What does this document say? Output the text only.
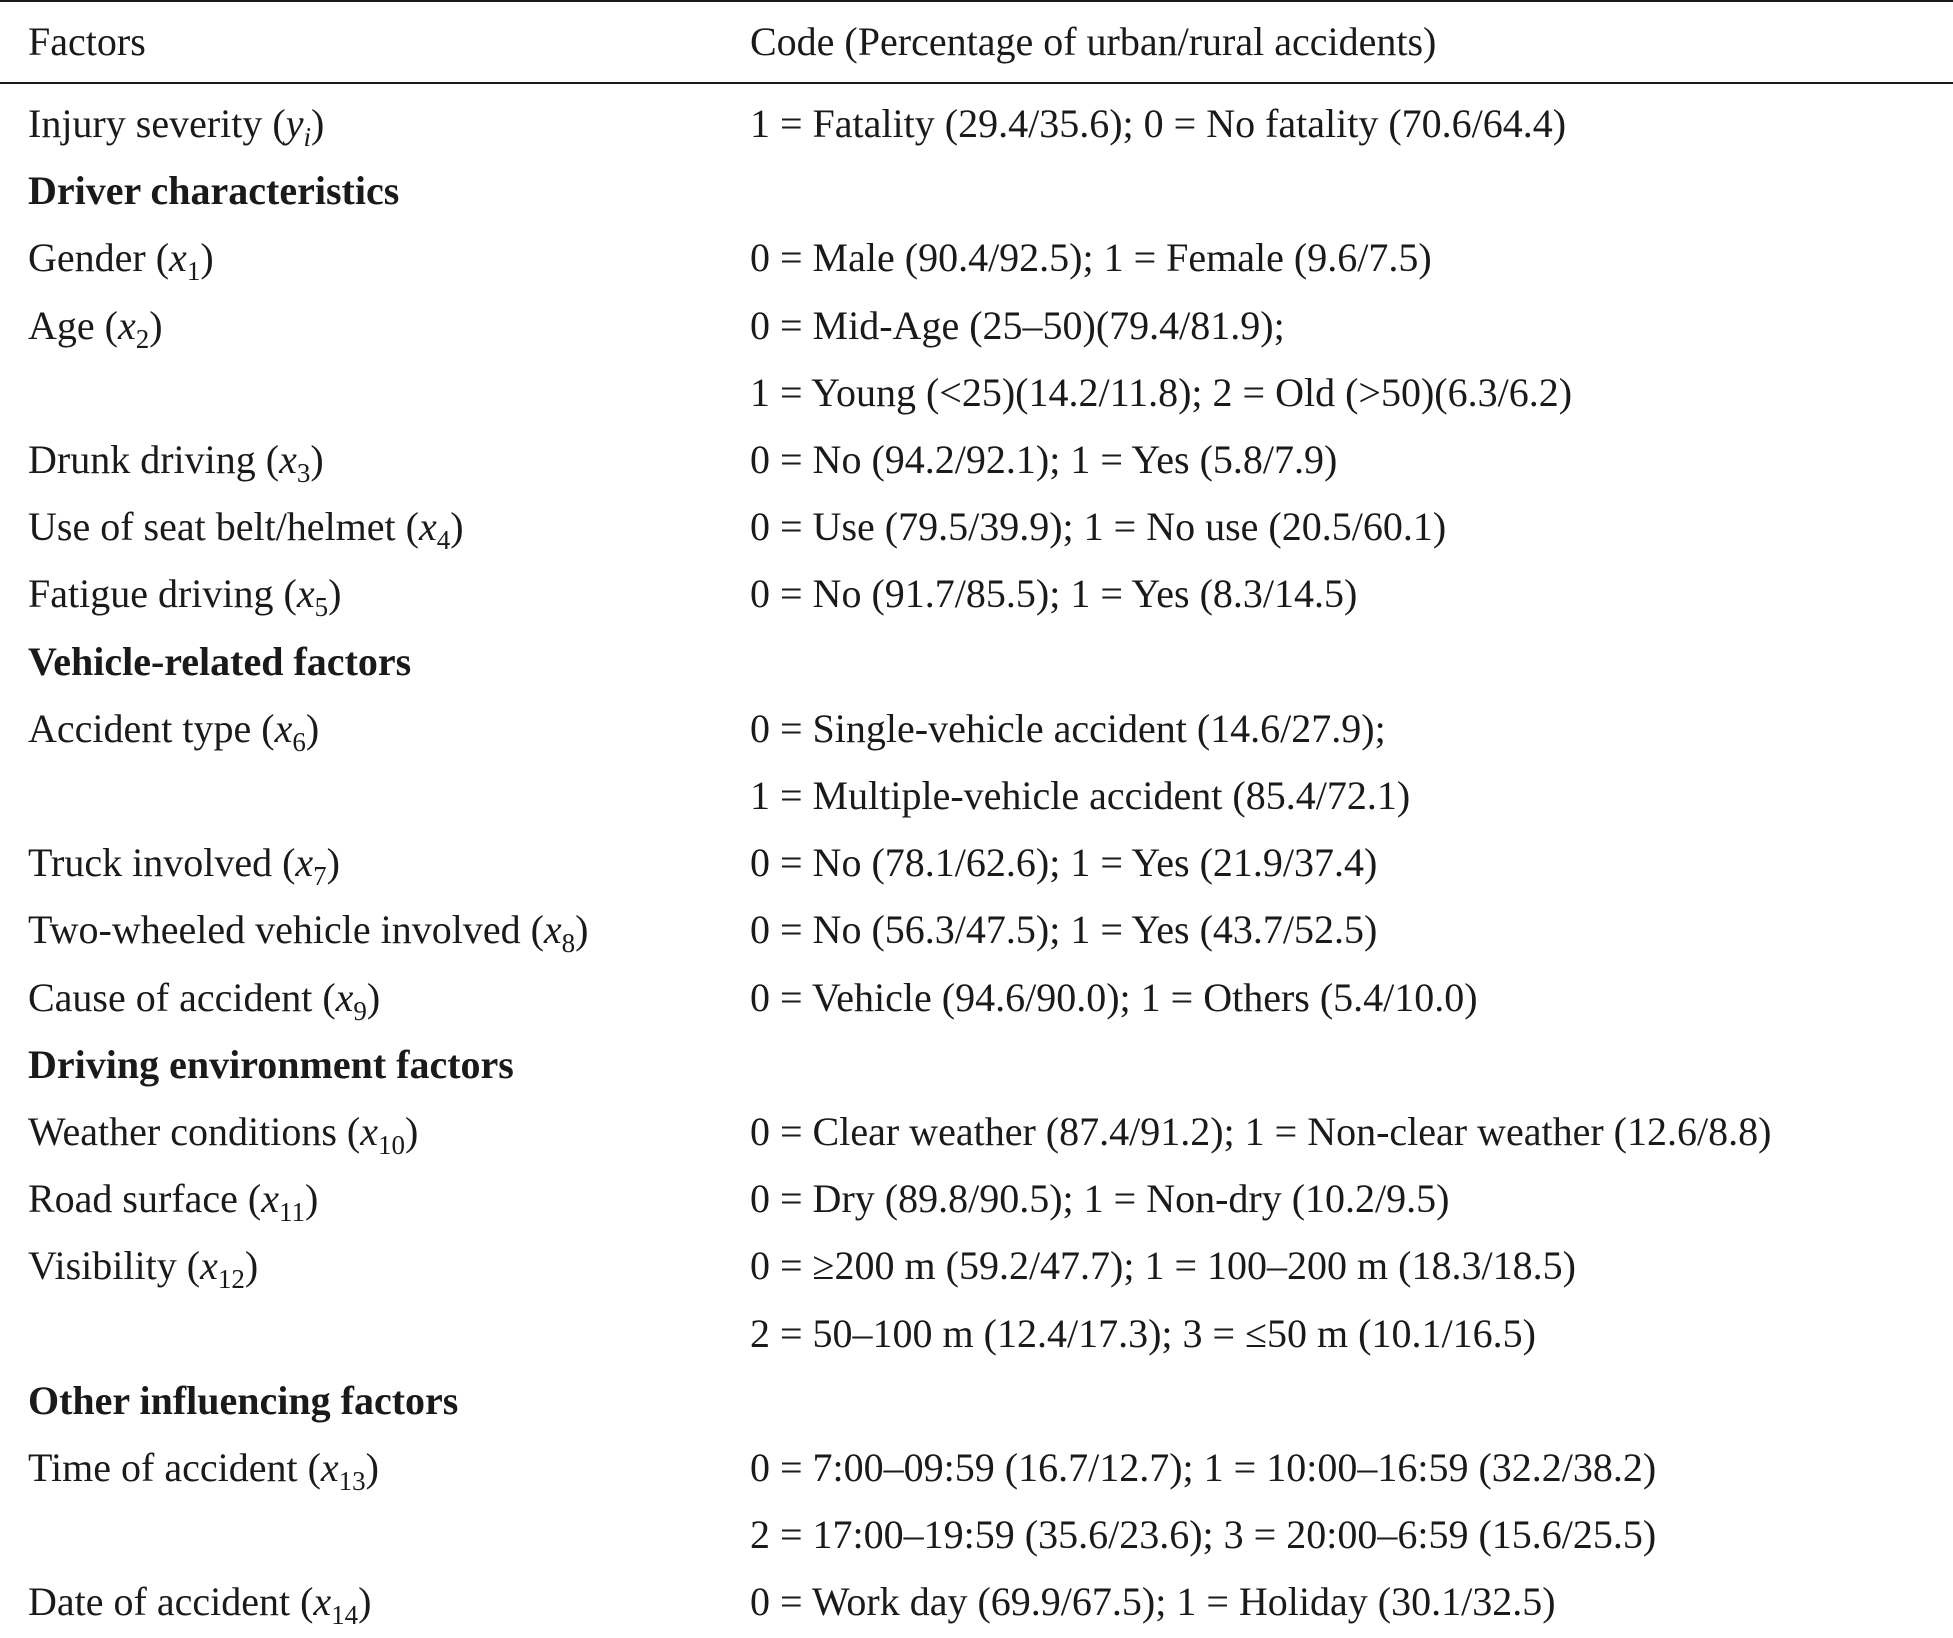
Factors	Code (Percentage of urban/rural accidents)
Injury severity $(y_i)$	1 = Fatality (29.4/35.6); 0 = No fatality (70.6/64.4)
Driver characteristics
Gender $(x_1)$	0 = Male (90.4/92.5); 1 = Female (9.6/7.5)
Age $(x_2)$	0 = Mid-Age (25–50)(79.4/81.9);
1 = Young (<25)(14.2/11.8); 2 = Old (>50)(6.3/6.2)
Drunk driving $(x_3)$	0 = No (94.2/92.1); 1 = Yes (5.8/7.9)
Use of seat belt/helmet $(x_4)$	0 = Use (79.5/39.9); 1 = No use (20.5/60.1)
Fatigue driving $(x_5)$	0 = No (91.7/85.5); 1 = Yes (8.3/14.5)
Vehicle-related factors
Accident type $(x_6)$	0 = Single-vehicle accident (14.6/27.9);
1 = Multiple-vehicle accident (85.4/72.1)
Truck involved $(x_7)$	0 = No (78.1/62.6); 1 = Yes (21.9/37.4)
Two-wheeled vehicle involved $(x_8)$	0 = No (56.3/47.5); 1 = Yes (43.7/52.5)
Cause of accident $(x_9)$	0 = Vehicle (94.6/90.0); 1 = Others (5.4/10.0)
Driving environment factors
Weather conditions $(x_{10})$	0 = Clear weather (87.4/91.2); 1 = Non-clear weather (12.6/8.8)
Road surface $(x_{11})$	0 = Dry (89.8/90.5); 1 = Non-dry (10.2/9.5)
Visibility $(x_{12})$	0 = ≥200 m (59.2/47.7); 1 = 100–200 m (18.3/18.5)
2 = 50–100 m (12.4/17.3); 3 = ≤50 m (10.1/16.5)
Other influencing factors
Time of accident $(x_{13})$	0 = 7:00–09:59 (16.7/12.7); 1 = 10:00–16:59 (32.2/38.2)
2 = 17:00–19:59 (35.6/23.6); 3 = 20:00–6:59 (15.6/25.5)
Date of accident $(x_{14})$	0 = Work day (69.9/67.5); 1 = Holiday (30.1/32.5)
